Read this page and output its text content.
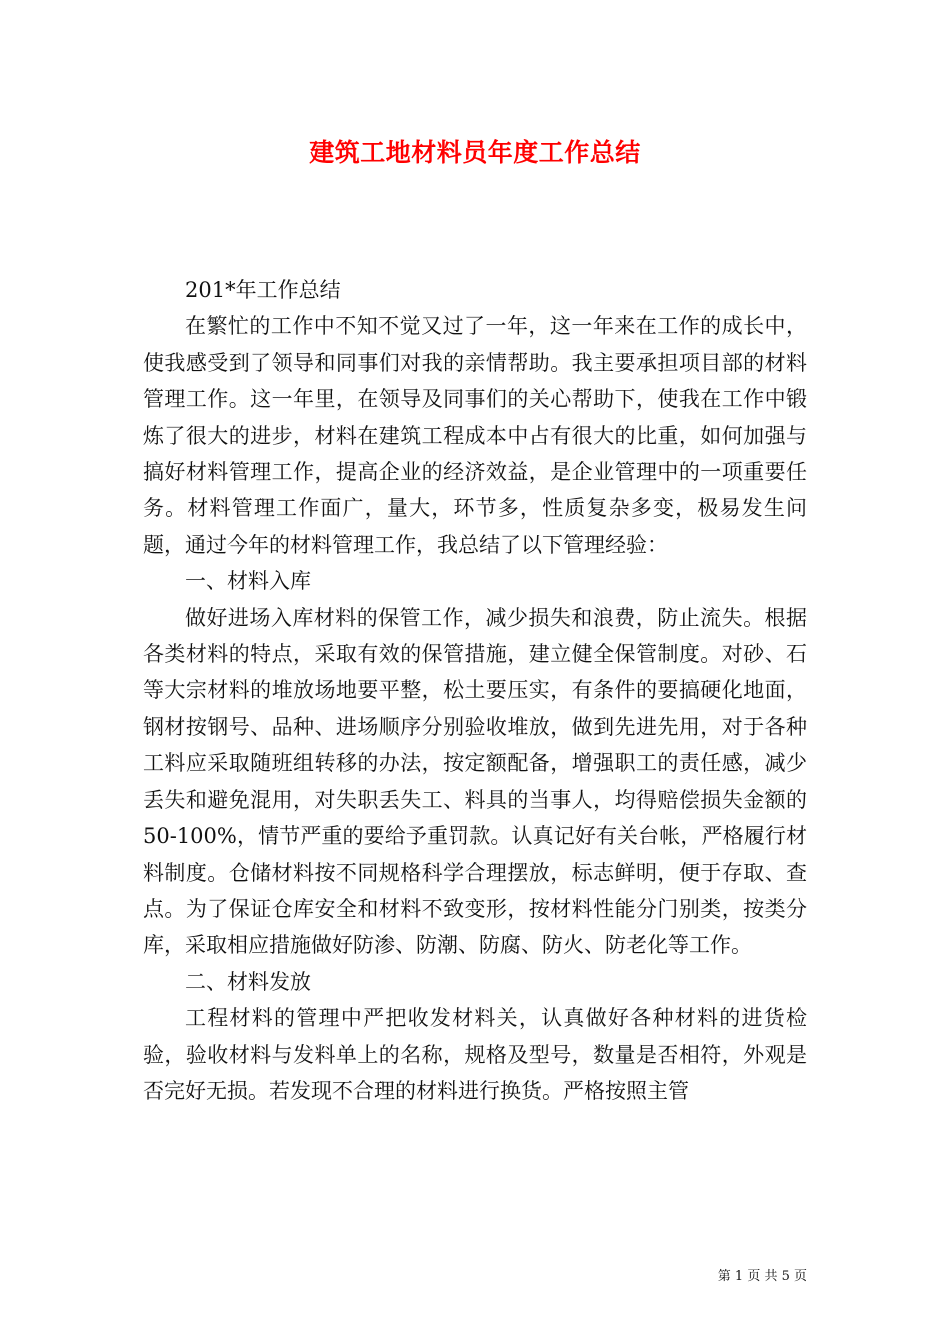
建筑工地材料员年度工作总结

201*年工作总结

在繁忙的工作中不知不觉又过了一年，这一年来在工作的成长中，使我感受到了领导和同事们对我的亲情帮助。我主要承担项目部的材料管理工作。这一年里，在领导及同事们的关心帮助下，使我在工作中锻炼了很大的进步，材料在建筑工程成本中占有很大的比重，如何加强与搞好材料管理工作，提高企业的经济效益，是企业管理中的一项重要任务。材料管理工作面广，量大，环节多，性质复杂多变，极易发生问题，通过今年的材料管理工作，我总结了以下管理经验：

一、材料入库

做好进场入库材料的保管工作，减少损失和浪费，防止流失。根据各类材料的特点，采取有效的保管措施，建立健全保管制度。对砂、石等大宗材料的堆放场地要平整，松土要压实，有条件的要搞硬化地面，钢材按钢号、品种、进场顺序分别验收堆放，做到先进先用，对于各种工料应采取随班组转移的办法，按定额配备，增强职工的责任感，减少丢失和避免混用，对失职丢失工、料具的当事人，均得赔偿损失金额的50-100%，情节严重的要给予重罚款。认真记好有关台帐，严格履行材料制度。仓储材料按不同规格科学合理摆放，标志鲜明，便于存取、查点。为了保证仓库安全和材料不致变形，按材料性能分门别类，按类分库，采取相应措施做好防渗、防潮、防腐、防火、防老化等工作。

二、材料发放

工程材料的管理中严把收发材料关，认真做好各种材料的进货检验，验收材料与发料单上的名称，规格及型号，数量是否相符，外观是否完好无损。若发现不合理的材料进行换货。严格按照主管

第 1 页 共 5 页
